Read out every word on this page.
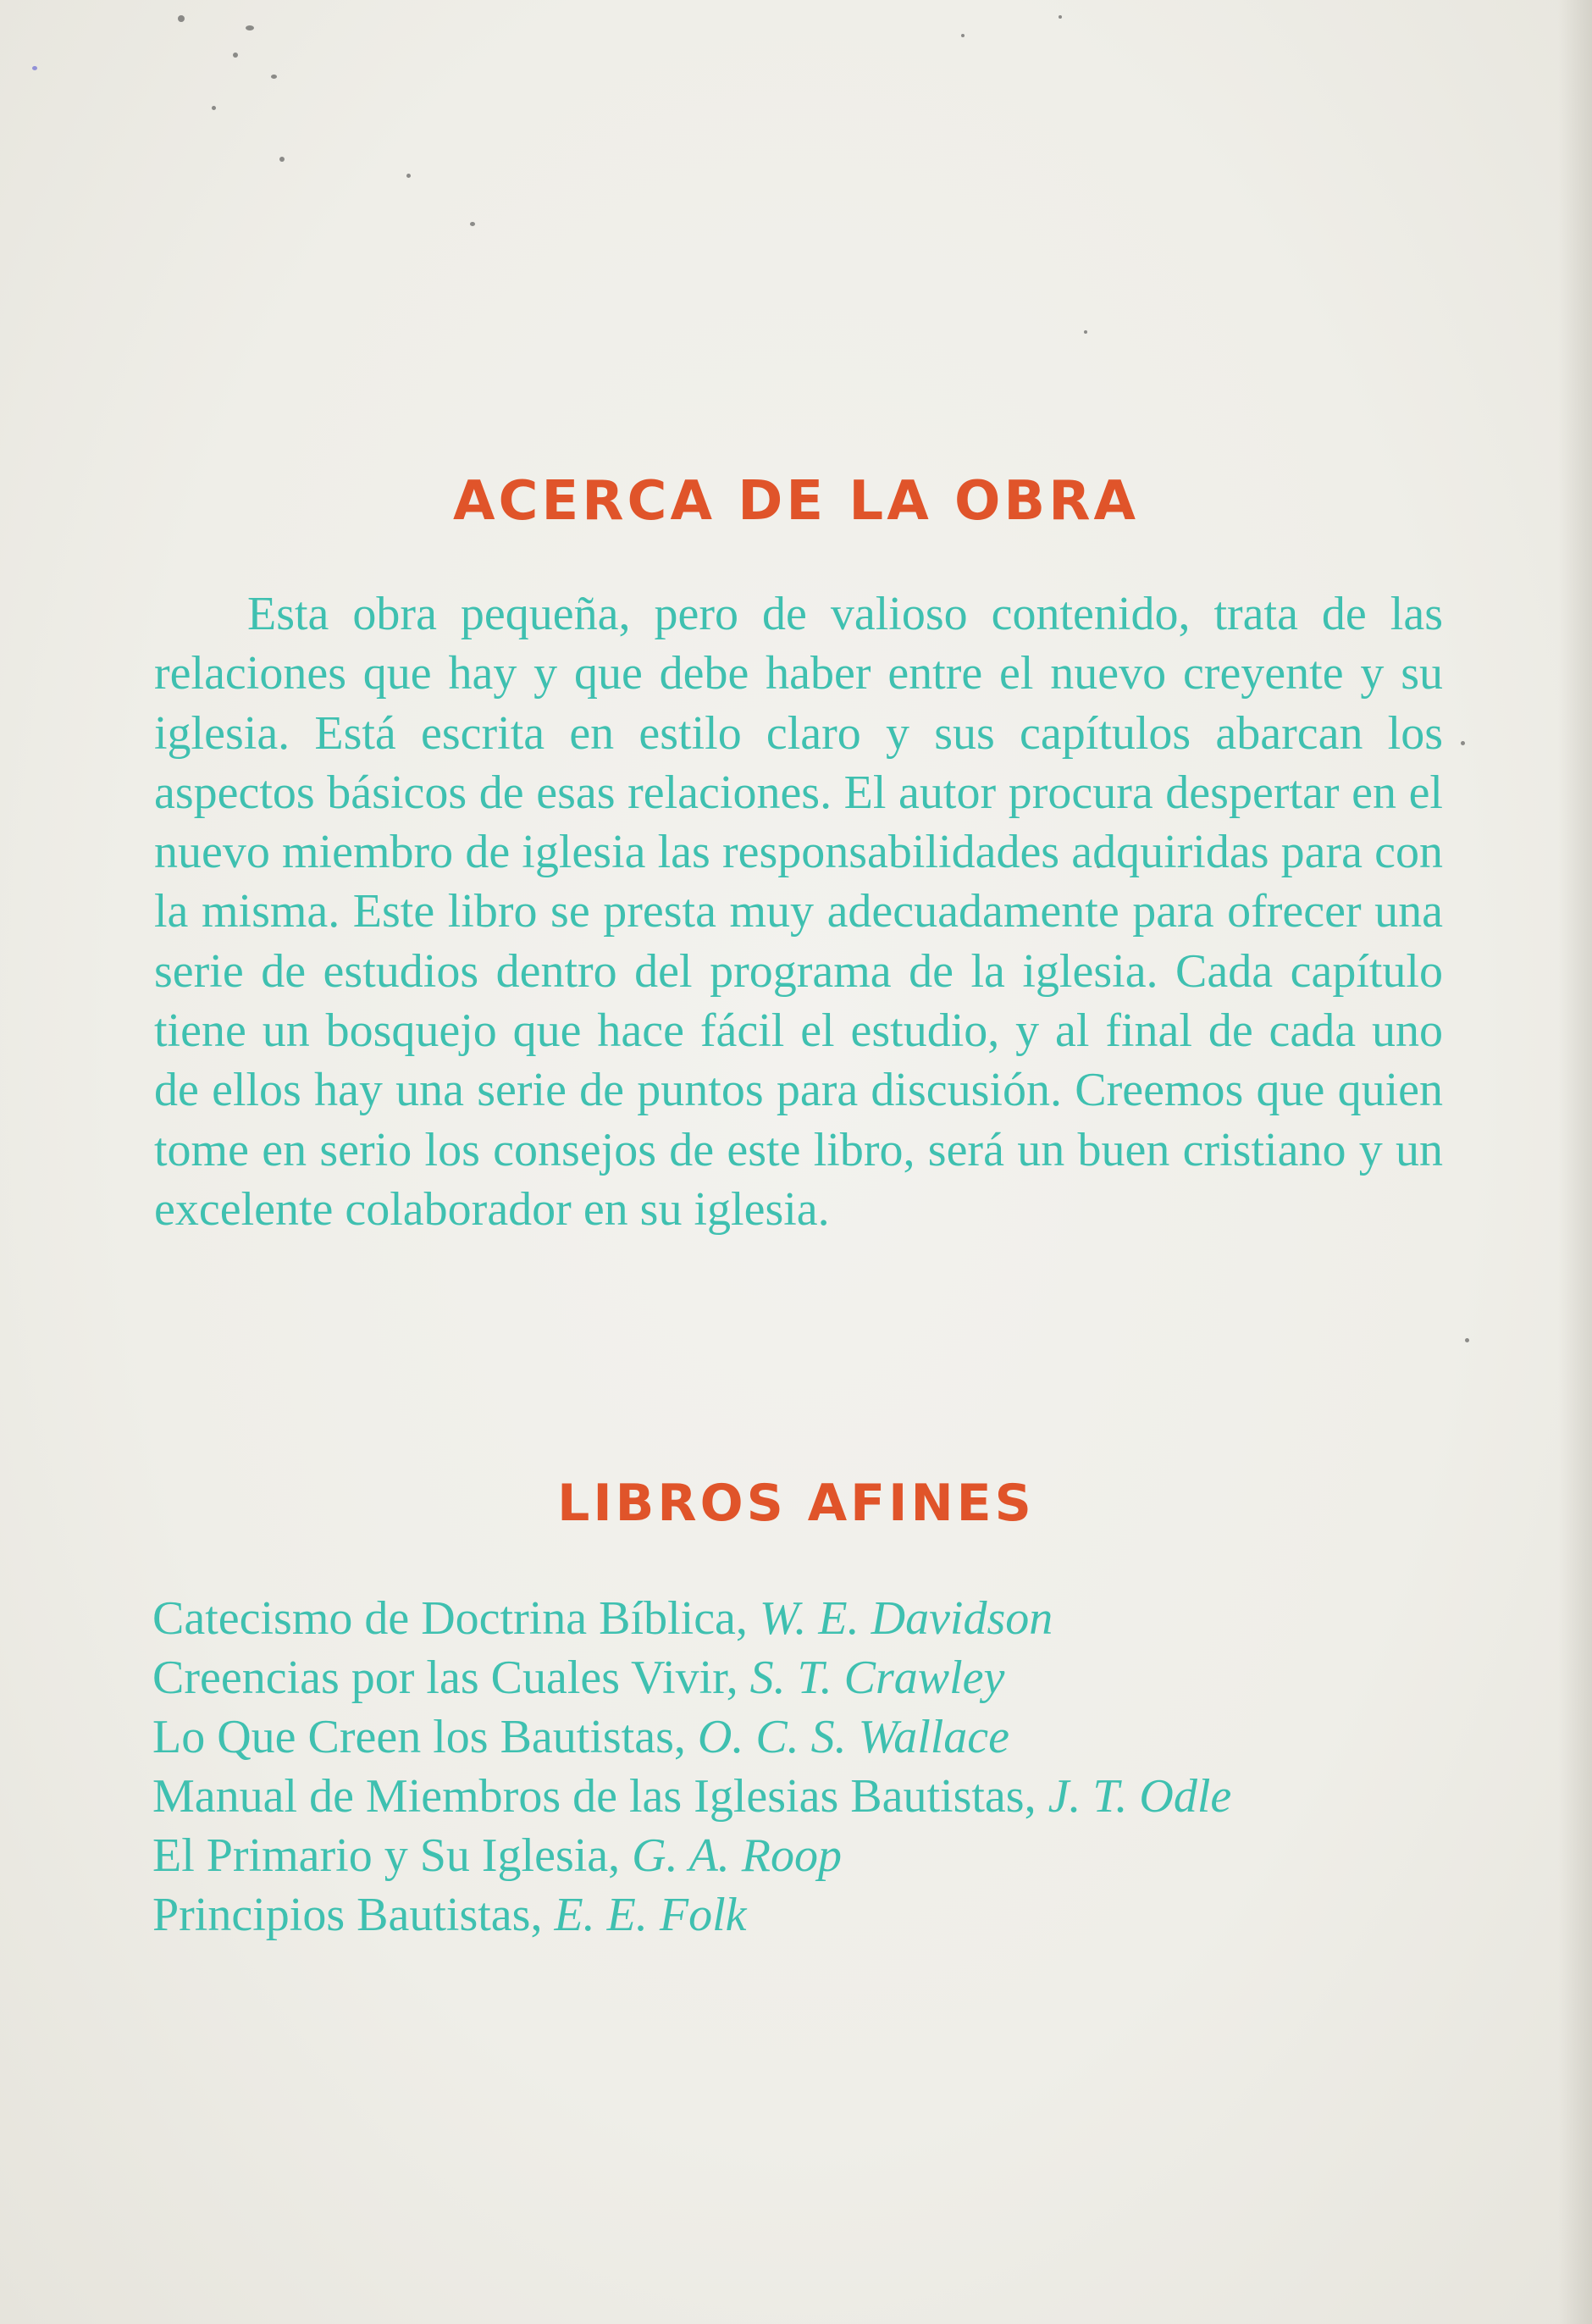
ACERCA DE LA OBRA

Esta obra pequeña, pero de valioso contenido, trata de las relaciones que hay y que debe haber entre el nuevo creyente y su iglesia. Está escrita en estilo claro y sus capítulos abarcan los aspectos básicos de esas relaciones. El autor procura despertar en el nuevo miembro de iglesia las responsabilidades adquiridas para con la misma. Este libro se presta muy adecuadamente para ofrecer una serie de estudios dentro del programa de la iglesia. Cada capítulo tiene un bosquejo que hace fácil el estudio, y al final de cada uno de ellos hay una serie de puntos para discusión. Creemos que quien tome en serio los consejos de este libro, será un buen cristiano y un excelente colaborador en su iglesia.

LIBROS AFINES
Catecismo de Doctrina Bíblica, W. E. Davidson
Creencias por las Cuales Vivir, S. T. Crawley
Lo Que Creen los Bautistas, O. C. S. Wallace
Manual de Miembros de las Iglesias Bautistas, J. T. Odle
El Primario y Su Iglesia, G. A. Roop
Principios Bautistas, E. E. Folk
